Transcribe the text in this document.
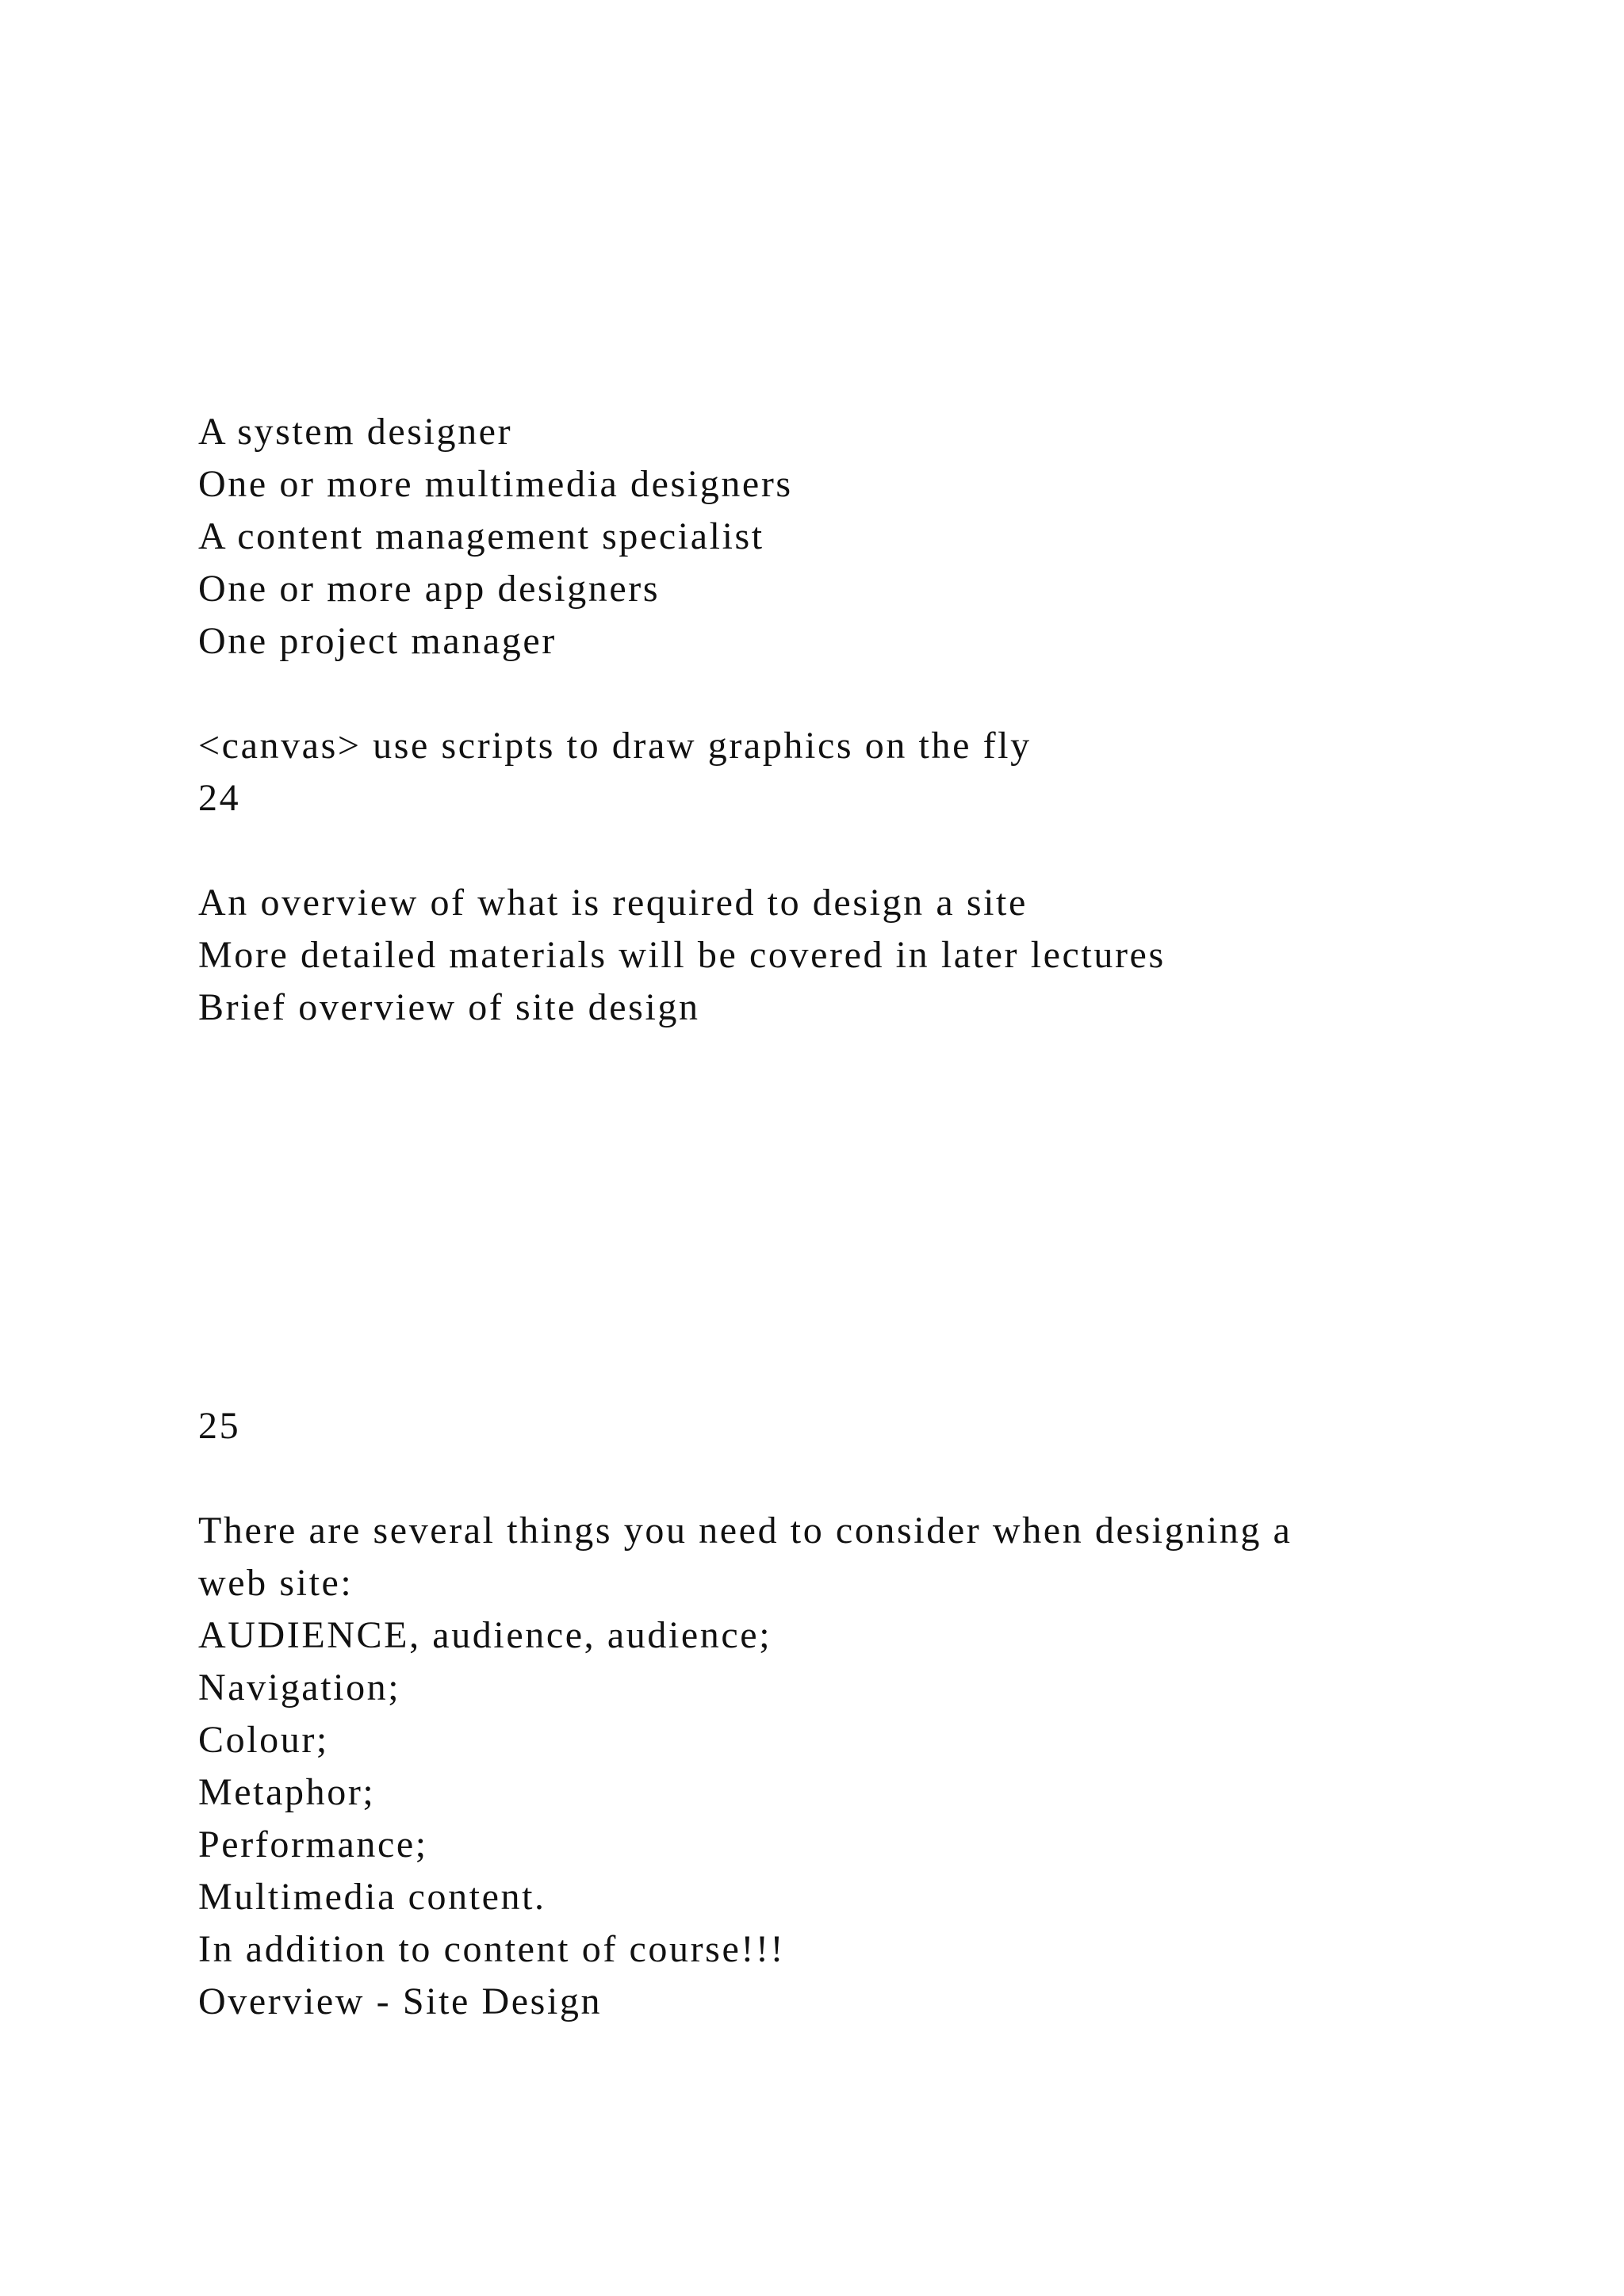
A system designer
One or more multimedia designers
A content management specialist
One or more app designers
One project manager
<canvas> use scripts to draw graphics on the fly
24
An overview of what is required to design a site
More detailed materials will be covered in later lectures
Brief overview of site design
25
There are several things you need to consider when designing a
web site:
AUDIENCE, audience, audience;
Navigation;
Colour;
Metaphor;
Performance;
Multimedia content.
In addition to content of course!!!
Overview - Site Design
